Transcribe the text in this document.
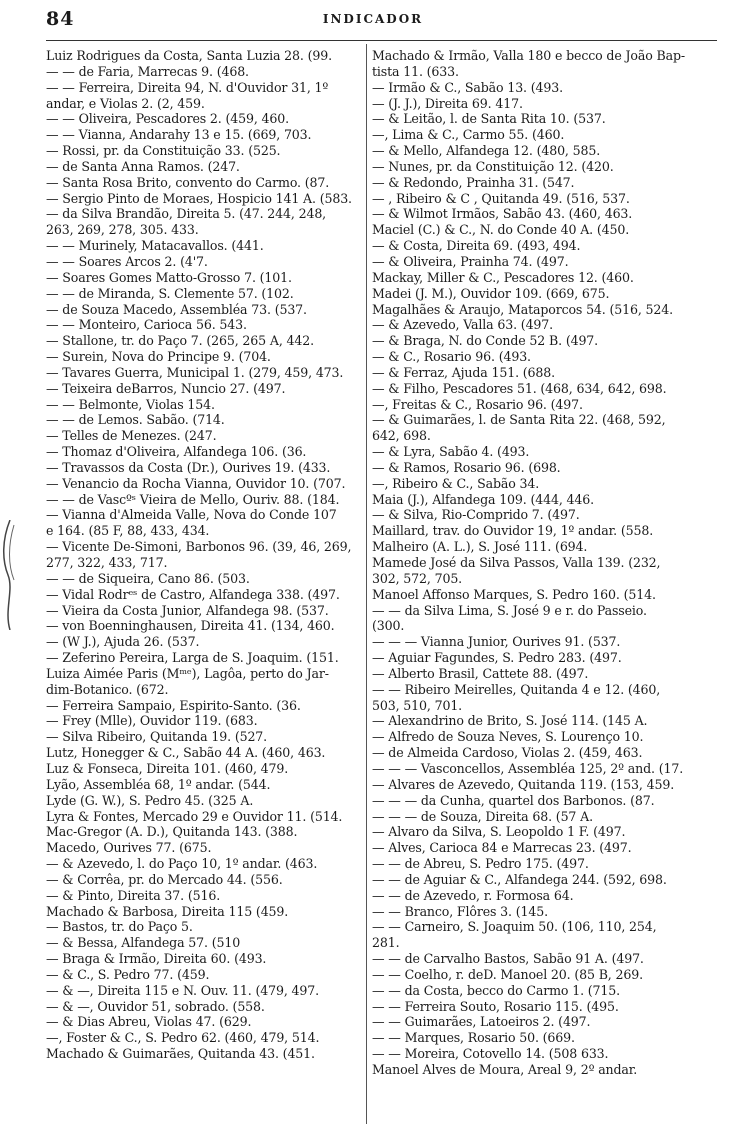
84	INDICADOR
Luiz Rodrigues da Costa, Santa Luzia 28. (99.
— — de Faria, Marrecas 9. (468.
— — Ferreira, Direita 94, N. d'Ouvidor 31, 1º
andar, e Violas 2. (2, 459.
— — Oliveira, Pescadores 2. (459, 460.
— — Vianna, Andarahy 13 e 15. (669, 703.
— Rossi, pr. da Constituição 33. (525.
— de Santa Anna Ramos. (247.
— Santa Rosa Brito, convento do Carmo. (87.
— Sergio Pinto de Moraes, Hospicio 141 A. (583.
— da Silva Brandão, Direita 5. (47. 244, 248,
263, 269, 278, 305. 433.
— — Murinely, Matacavallos. (441.
— — Soares Arcos 2. (4'7.
— Soares Gomes Matto-Grosso 7. (101.
— — de Miranda, S. Clemente 57. (102.
— de Souza Macedo, Assembléa 73. (537.
— — Monteiro, Carioca 56. 543.
— Stallone, tr. do Paço 7. (265, 265 A, 442.
— Surein, Nova do Principe 9. (704.
— Tavares Guerra, Municipal 1. (279, 459, 473.
— Teixeira deBarros, Nuncio 27. (497.
— — Belmonte, Violas 154.
— — de Lemos. Sabão. (714.
— Telles de Menezes. (247.
— Thomaz d'Oliveira, Alfandega 106. (36.
— Travassos da Costa (Dr.), Ourives 19. (433.
— Venancio da Rocha Vianna, Ouvidor 10. (707.
— — de Vascºˢ Vieira de Mello, Ouriv. 88. (184.
— Vianna d'Almeida Valle, Nova do Conde 107
e 164. (85 F, 88, 433, 434.
— Vicente De-Simoni, Barbonos 96. (39, 46, 269,
277, 322, 433, 717.
— — de Siqueira, Cano 86. (503.
— Vidal Rodrᵉˢ de Castro, Alfandega 338. (497.
— Vieira da Costa Junior, Alfandega 98. (537.
— von Boenninghausen, Direita 41. (134, 460.
— (W J.), Ajuda 26. (537.
— Zeferino Pereira, Larga de S. Joaquim. (151.
Luiza Aimée Paris (Mᵐᵉ), Lagôa, perto do Jar-
dim-Botanico. (672.
— Ferreira Sampaio, Espirito-Santo. (36.
— Frey (Mlle), Ouvidor 119. (683.
— Silva Ribeiro, Quitanda 19. (527.
Lutz, Honegger & C., Sabão 44 A. (460, 463.
Luz & Fonseca, Direita 101. (460, 479.
Lyão, Assembléa 68, 1º andar. (544.
Lyde (G. W.), S. Pedro 45. (325 A.
Lyra & Fontes, Mercado 29 e Ouvidor 11. (514.
Mac-Gregor (A. D.), Quitanda 143. (388.
Macedo, Ourives 77. (675.
— & Azevedo, l. do Paço 10, 1º andar. (463.
— & Corrêa, pr. do Mercado 44. (556.
— & Pinto, Direita 37. (516.
Machado & Barbosa, Direita 115 (459.
— Bastos, tr. do Paço 5.
— & Bessa, Alfandega 57. (510
— Braga & Irmão, Direita 60. (493.
— & C., S. Pedro 77. (459.
— & —, Direita 115 e N. Ouv. 11. (479, 497.
— & —, Ouvidor 51, sobrado. (558.
— & Dias Abreu, Violas 47. (629.
—, Foster & C., S. Pedro 62. (460, 479, 514.
Machado & Guimarães, Quitanda 43. (451.
Machado & Irmão, Valla 180 e becco de João Bap-
tista 11. (633.
— Irmão & C., Sabão 13. (493.
— (J. J.), Direita 69. 417.
— & Leitão, l. de Santa Rita 10. (537.
—, Lima & C., Carmo 55. (460.
— & Mello, Alfandega 12. (480, 585.
— Nunes, pr. da Constituição 12. (420.
— & Redondo, Prainha 31. (547.
— , Ribeiro & C , Quitanda 49. (516, 537.
— & Wilmot Irmãos, Sabão 43. (460, 463.
Maciel (C.) & C., N. do Conde 40 A. (450.
— & Costa, Direita 69. (493, 494.
— & Oliveira, Prainha 74. (497.
Mackay, Miller & C., Pescadores 12. (460.
Madei (J. M.), Ouvidor 109. (669, 675.
Magalhães & Araujo, Mataporcos 54. (516, 524.
— & Azevedo, Valla 63. (497.
— & Braga, N. do Conde 52 B. (497.
— & C., Rosario 96. (493.
— & Ferraz, Ajuda 151. (688.
— & Filho, Pescadores 51. (468, 634, 642, 698.
—, Freitas & C., Rosario 96. (497.
— & Guimarães, l. de Santa Rita 22. (468, 592,
642, 698.
— & Lyra, Sabão 4. (493.
— & Ramos, Rosario 96. (698.
—, Ribeiro & C., Sabão 34.
Maia (J.), Alfandega 109. (444, 446.
— & Silva, Rio-Comprido 7. (497.
Maillard, trav. do Ouvidor 19, 1º andar. (558.
Malheiro (A. L.), S. José 111. (694.
Mamede José da Silva Passos, Valla 139. (232,
302, 572, 705.
Manoel Affonso Marques, S. Pedro 160. (514.
— — da Silva Lima, S. José 9 e r. do Passeio.
(300.
— — — Vianna Junior, Ourives 91. (537.
— Aguiar Fagundes, S. Pedro 283. (497.
— Alberto Brasil, Cattete 88. (497.
— — Ribeiro Meirelles, Quitanda 4 e 12. (460,
503, 510, 701.
— Alexandrino de Brito, S. José 114. (145 A.
— Alfredo de Souza Neves, S. Lourenço 10.
— de Almeida Cardoso, Violas 2. (459, 463.
— — — Vasconcellos, Assembléa 125, 2º and. (17.
— Alvares de Azevedo, Quitanda 119. (153, 459.
— — — da Cunha, quartel dos Barbonos. (87.
— — — de Souza, Direita 68. (57 A.
— Alvaro da Silva, S. Leopoldo 1 F. (497.
— Alves, Carioca 84 e Marrecas 23. (497.
— — de Abreu, S. Pedro 175. (497.
— — de Aguiar & C., Alfandega 244. (592, 698.
— — de Azevedo, r. Formosa 64.
— — Branco, Flôres 3. (145.
— — Carneiro, S. Joaquim 50. (106, 110, 254,
281.
— — de Carvalho Bastos, Sabão 91 A. (497.
— — Coelho, r. deD. Manoel 20. (85 B, 269.
— — da Costa, becco do Carmo 1. (715.
— — Ferreira Souto, Rosario 115. (495.
— — Guimarães, Latoeiros 2. (497.
— — Marques, Rosario 50. (669.
— — Moreira, Cotovello 14. (508 633.
Manoel Alves de Moura, Areal 9, 2º andar.
